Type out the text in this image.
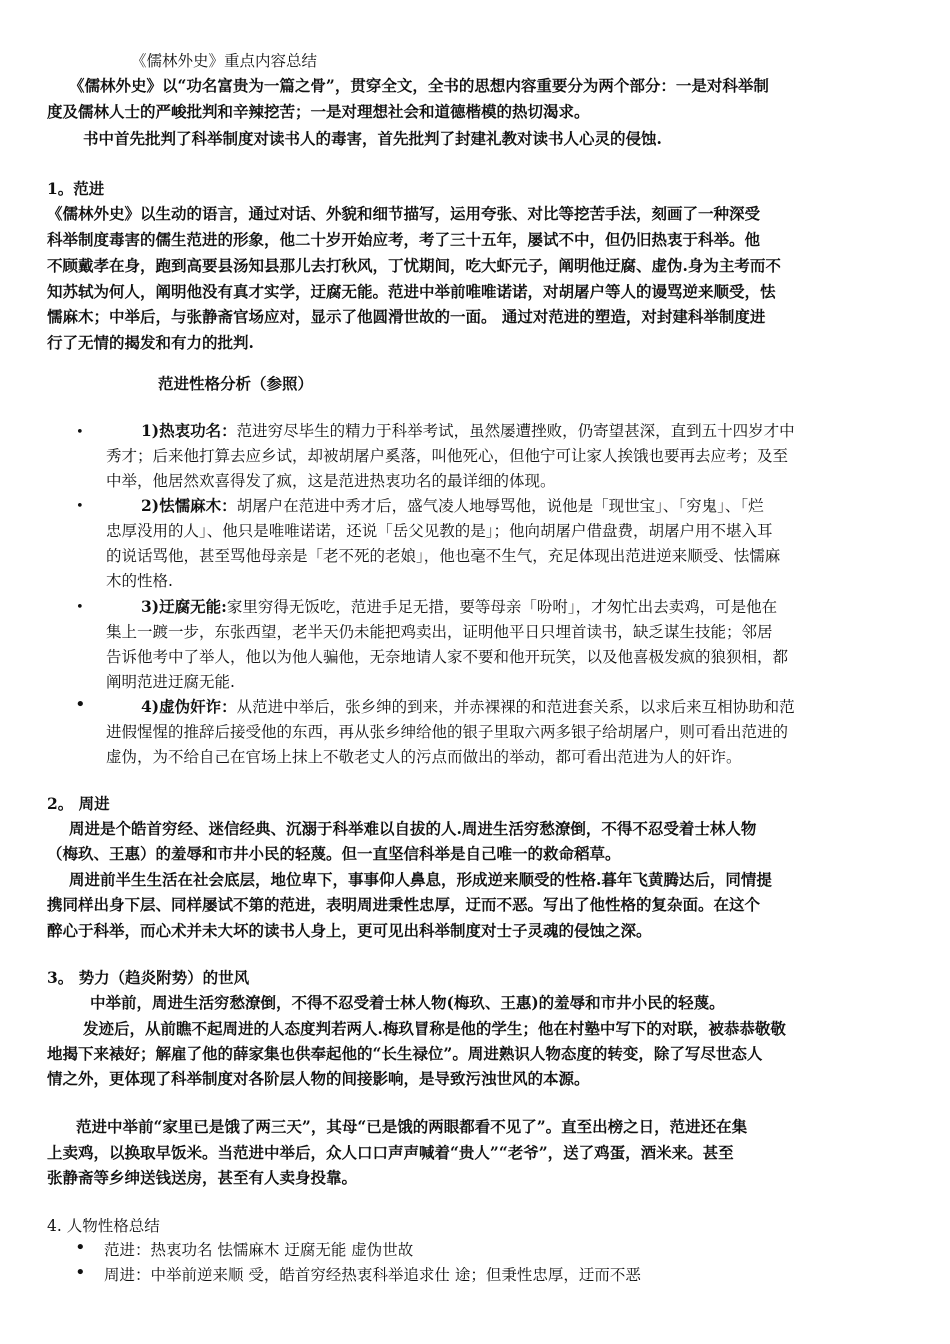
《儒林外史》重点内容总结
《儒林外史》以“功名富贵为一篇之骨”，贯穿全文，全书的思想内容重要分为两个部分：一是对科举制
度及儒林人士的严峻批判和辛辣挖苦；一是对理想社会和道德楷模的热切渴求。
书中首先批判了科举制度对读书人的毒害，首先批判了封建礼教对读书人心灵的侵蚀.
1。范进
《儒林外史》以生动的语言，通过对话、外貌和细节描写，运用夸张、对比等挖苦手法，刻画了一种深受
科举制度毒害的儒生范进的形象，他二十岁开始应考，考了三十五年，屡试不中，但仍旧热衷于科举。他
不顾戴孝在身，跑到高要县汤知县那儿去打秋风，丁忧期间，吃大虾元子，阐明他迂腐、虚伪.身为主考而不
知苏轼为何人，阐明他没有真才实学，迂腐无能。范进中举前唯唯诺诺，对胡屠户等人的谩骂逆来顺受，怯
懦麻木；中举后，与张静斋官场应对，显示了他圆滑世故的一面。 通过对范进的塑造，对封建科举制度进
行了无情的揭发和有力的批判.
范进性格分析（参照）
•	1)热衷功名：范进穷尽毕生的精力于科举考试，虽然屡遭挫败，仍寄望甚深，直到五十四岁才中
秀才；后来他打算去应乡试，却被胡屠户奚落，叫他死心，但他宁可让家人挨饿也要再去应考；及至
中举，他居然欢喜得发了疯，这是范进热衷功名的最详细的体现。
•	2)怯懦麻木：胡屠户在范进中秀才后，盛气凌人地辱骂他，说他是「现世宝」、「穷鬼」、「烂
忠厚没用的人」、他只是唯唯诺诺，还说「岳父见教的是」；他向胡屠户借盘费，胡屠户用不堪入耳
的说话骂他，甚至骂他母亲是「老不死的老娘」，他也毫不生气，充足体现出范进逆来顺受、怯懦麻
木的性格.
•	3)迂腐无能:家里穷得无饭吃，范进手足无措，要等母亲「吩咐」，才匆忙出去卖鸡，可是他在
集上一踱一步，东张西望，老半天仍未能把鸡卖出，证明他平日只埋首读书，缺乏谋生技能；邻居
告诉他考中了举人，他以为他人骗他，无奈地请人家不要和他开玩笑，以及他喜极发疯的狼狈相，都
阐明范进迂腐无能.
•	4)虚伪奸诈：从范进中举后，张乡绅的到来，并赤裸裸的和范进套关系，以求后来互相协助和范
进假惺惺的推辞后接受他的东西，再从张乡绅给他的银子里取六两多银子给胡屠户，则可看出范进的
虚伪，为不给自己在官场上抹上不敬老丈人的污点而做出的举动，都可看出范进为人的奸诈。
2。 周进
周进是个皓首穷经、迷信经典、沉溺于科举难以自拔的人.周进生活穷愁潦倒，不得不忍受着士林人物
（梅玖、王惠）的羞辱和市井小民的轻蔑。但一直坚信科举是自己唯一的救命稻草。
周进前半生生活在社会底层，地位卑下，事事仰人鼻息，形成逆来顺受的性格.暮年飞黄腾达后，同情提
携同样出身下层、同样屡试不第的范进，表明周进秉性忠厚，迂而不恶。写出了他性格的复杂面。在这个
醉心于科举，而心术并未大坏的读书人身上，更可见出科举制度对士子灵魂的侵蚀之深。
3。 势力（趋炎附势）的世风
中举前，周进生活穷愁潦倒，不得不忍受着士林人物(梅玖、王惠)的羞辱和市井小民的轻蔑。
发迹后，从前瞧不起周进的人态度判若两人.梅玖冒称是他的学生；他在村塾中写下的对联，被恭恭敬敬
地揭下来裱好；解雇了他的薛家集也供奉起他的“长生禄位”。周进熟识人物态度的转变，除了写尽世态人
情之外，更体现了科举制度对各阶层人物的间接影响，是导致污浊世风的本源。
范进中举前“家里已是饿了两三天”，其母“已是饿的两眼都看不见了”。直至出榜之日，范进还在集
上卖鸡，以换取早饭米。当范进中举后，众人口口声声喊着“贵人”“老爷”，送了鸡蛋，酒米来。甚至
张静斋等乡绅送钱送房，甚至有人卖身投靠。
4. 人物性格总结
• 范进：热衷功名 怯懦麻木 迂腐无能 虚伪世故
• 周进：中举前逆来顺 受，皓首穷经热衷科举追求仕 途；但秉性忠厚，迂而不恶
